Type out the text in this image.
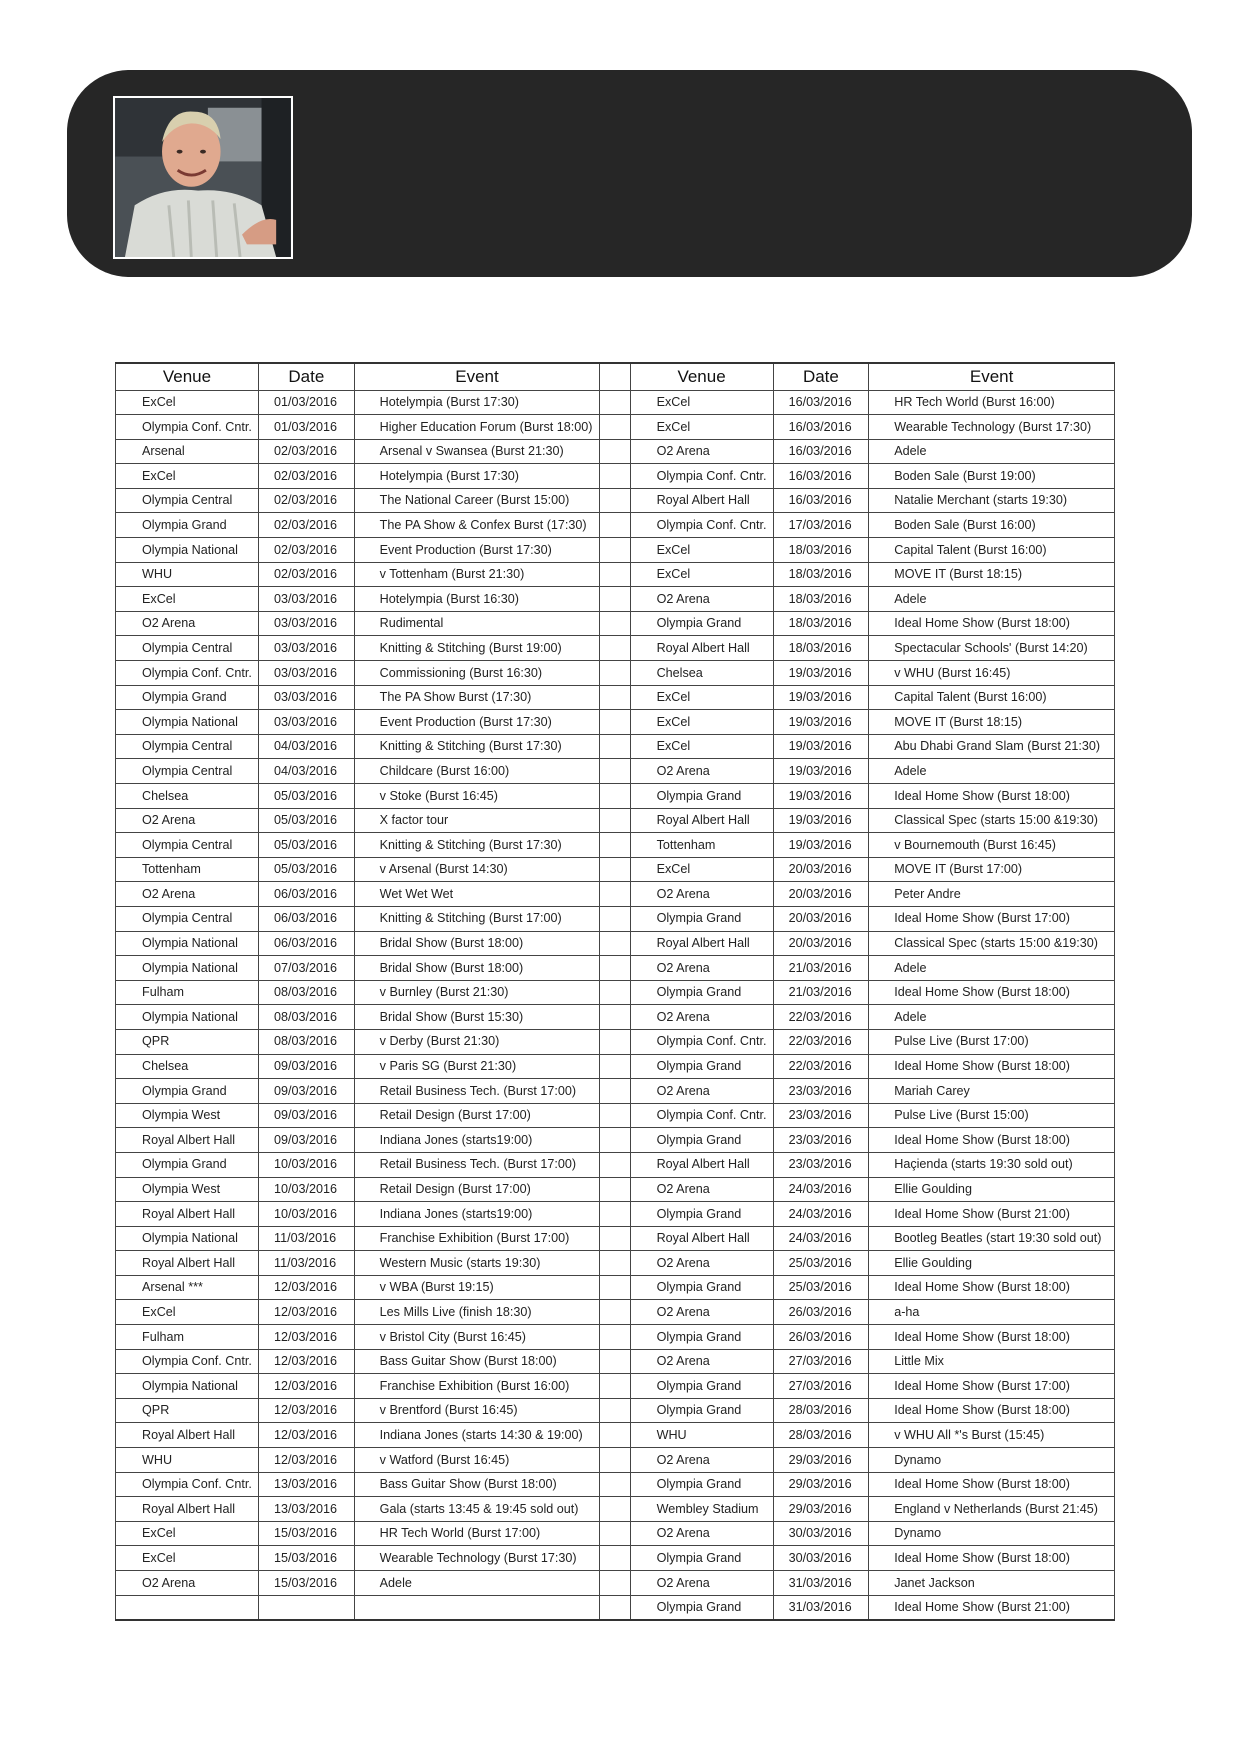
Venue	Date	Event		Venue	Date	Event
ExCel	01/03/2016	Hotelympia (Burst 17:30)		ExCel	16/03/2016	HR Tech World (Burst 16:00)
Olympia Conf. Cntr.	01/03/2016	Higher Education Forum (Burst 18:00)		ExCel	16/03/2016	Wearable Technology (Burst 17:30)
Arsenal	02/03/2016	Arsenal v Swansea (Burst 21:30)		O2 Arena	16/03/2016	Adele
ExCel	02/03/2016	Hotelympia (Burst 17:30)		Olympia Conf. Cntr.	16/03/2016	Boden Sale (Burst 19:00)
Olympia Central	02/03/2016	The National Career (Burst 15:00)		Royal Albert Hall	16/03/2016	Natalie Merchant (starts 19:30)
Olympia Grand	02/03/2016	The PA Show & Confex Burst (17:30)		Olympia Conf. Cntr.	17/03/2016	Boden Sale (Burst 16:00)
Olympia National	02/03/2016	Event Production (Burst 17:30)		ExCel	18/03/2016	Capital Talent (Burst 16:00)
WHU	02/03/2016	v Tottenham (Burst 21:30)		ExCel	18/03/2016	MOVE IT (Burst 18:15)
ExCel	03/03/2016	Hotelympia (Burst 16:30)		O2 Arena	18/03/2016	Adele
O2 Arena	03/03/2016	Rudimental		Olympia Grand	18/03/2016	Ideal Home Show (Burst 18:00)
Olympia Central	03/03/2016	Knitting & Stitching (Burst 19:00)		Royal Albert Hall	18/03/2016	Spectacular Schools' (Burst 14:20)
Olympia Conf. Cntr.	03/03/2016	Commissioning (Burst 16:30)		Chelsea	19/03/2016	v WHU (Burst 16:45)
Olympia Grand	03/03/2016	The PA Show Burst (17:30)		ExCel	19/03/2016	Capital Talent (Burst 16:00)
Olympia National	03/03/2016	Event Production (Burst 17:30)		ExCel	19/03/2016	MOVE IT (Burst 18:15)
Olympia Central	04/03/2016	Knitting & Stitching (Burst 17:30)		ExCel	19/03/2016	Abu Dhabi Grand Slam (Burst 21:30)
Olympia Central	04/03/2016	Childcare (Burst 16:00)		O2 Arena	19/03/2016	Adele
Chelsea	05/03/2016	v Stoke (Burst 16:45)		Olympia Grand	19/03/2016	Ideal Home Show (Burst 18:00)
O2 Arena	05/03/2016	X factor tour		Royal Albert Hall	19/03/2016	Classical Spec (starts 15:00 &19:30)
Olympia Central	05/03/2016	Knitting & Stitching (Burst 17:30)		Tottenham	19/03/2016	v Bournemouth (Burst 16:45)
Tottenham	05/03/2016	v Arsenal (Burst 14:30)		ExCel	20/03/2016	MOVE IT (Burst 17:00)
O2 Arena	06/03/2016	Wet Wet Wet		O2 Arena	20/03/2016	Peter Andre
Olympia Central	06/03/2016	Knitting & Stitching (Burst 17:00)		Olympia Grand	20/03/2016	Ideal Home Show (Burst 17:00)
Olympia National	06/03/2016	Bridal Show (Burst 18:00)		Royal Albert Hall	20/03/2016	Classical Spec (starts 15:00 &19:30)
Olympia National	07/03/2016	Bridal Show (Burst 18:00)		O2 Arena	21/03/2016	Adele
Fulham	08/03/2016	v Burnley (Burst 21:30)		Olympia Grand	21/03/2016	Ideal Home Show (Burst 18:00)
Olympia National	08/03/2016	Bridal Show (Burst 15:30)		O2 Arena	22/03/2016	Adele
QPR	08/03/2016	v Derby (Burst 21:30)		Olympia Conf. Cntr.	22/03/2016	Pulse Live (Burst 17:00)
Chelsea	09/03/2016	v Paris SG (Burst 21:30)		Olympia Grand	22/03/2016	Ideal Home Show (Burst 18:00)
Olympia Grand	09/03/2016	Retail Business Tech. (Burst 17:00)		O2 Arena	23/03/2016	Mariah Carey
Olympia West	09/03/2016	Retail Design (Burst 17:00)		Olympia Conf. Cntr.	23/03/2016	Pulse Live (Burst 15:00)
Royal Albert Hall	09/03/2016	Indiana Jones (starts19:00)		Olympia Grand	23/03/2016	Ideal Home Show (Burst 18:00)
Olympia Grand	10/03/2016	Retail Business Tech. (Burst 17:00)		Royal Albert Hall	23/03/2016	Haçienda (starts 19:30 sold out)
Olympia West	10/03/2016	Retail Design (Burst 17:00)		O2 Arena	24/03/2016	Ellie Goulding
Royal Albert Hall	10/03/2016	Indiana Jones (starts19:00)		Olympia Grand	24/03/2016	Ideal Home Show (Burst 21:00)
Olympia National	11/03/2016	Franchise Exhibition (Burst 17:00)		Royal Albert Hall	24/03/2016	Bootleg Beatles (start 19:30 sold out)
Royal Albert Hall	11/03/2016	Western Music (starts 19:30)		O2 Arena	25/03/2016	Ellie Goulding
Arsenal ***	12/03/2016	v WBA (Burst 19:15)		Olympia Grand	25/03/2016	Ideal Home Show (Burst 18:00)
ExCel	12/03/2016	Les Mills Live (finish 18:30)		O2 Arena	26/03/2016	a-ha
Fulham	12/03/2016	v Bristol City (Burst 16:45)		Olympia Grand	26/03/2016	Ideal Home Show (Burst 18:00)
Olympia Conf. Cntr.	12/03/2016	Bass Guitar Show (Burst 18:00)		O2 Arena	27/03/2016	Little Mix
Olympia National	12/03/2016	Franchise Exhibition (Burst 16:00)		Olympia Grand	27/03/2016	Ideal Home Show (Burst 17:00)
QPR	12/03/2016	v Brentford (Burst 16:45)		Olympia Grand	28/03/2016	Ideal Home Show (Burst 18:00)
Royal Albert Hall	12/03/2016	Indiana Jones (starts 14:30 & 19:00)		WHU	28/03/2016	v WHU All *'s Burst (15:45)
WHU	12/03/2016	v Watford (Burst 16:45)		O2 Arena	29/03/2016	Dynamo
Olympia Conf. Cntr.	13/03/2016	Bass Guitar Show (Burst 18:00)		Olympia Grand	29/03/2016	Ideal Home Show (Burst 18:00)
Royal Albert Hall	13/03/2016	Gala (starts 13:45 & 19:45 sold out)		Wembley Stadium	29/03/2016	England v Netherlands (Burst 21:45)
ExCel	15/03/2016	HR Tech World (Burst 17:00)		O2 Arena	30/03/2016	Dynamo
ExCel	15/03/2016	Wearable Technology (Burst 17:30)		Olympia Grand	30/03/2016	Ideal Home Show (Burst 18:00)
O2 Arena	15/03/2016	Adele		O2 Arena	31/03/2016	Janet Jackson
				Olympia Grand	31/03/2016	Ideal Home Show (Burst 21:00)
